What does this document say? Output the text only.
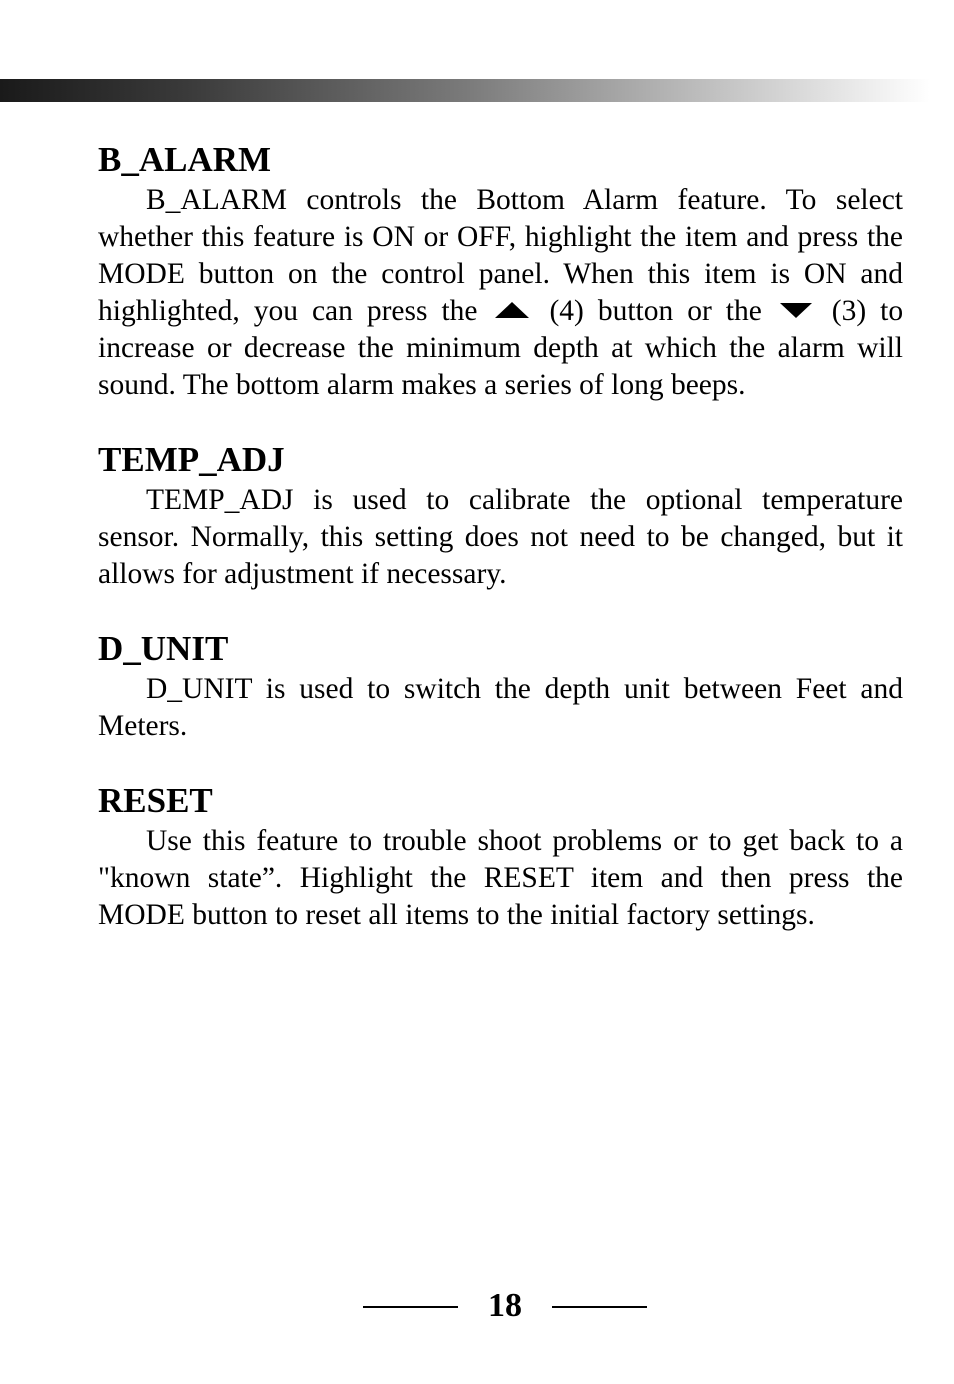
B_ALARM

B_ALARM controls the Bottom Alarm feature. To select whether this feature is ON or OFF, highlight the item and press the MODE button on the control panel. When this item is ON and highlighted, you can press the (4) button or the (3) to increase or decrease the minimum depth at which the alarm will sound. The bottom alarm makes a series of long beeps.

TEMP_ADJ

TEMP_ADJ is used to calibrate the optional temperature sensor. Normally, this setting does not need to be changed, but it allows for adjustment if necessary.

D_UNIT

D_UNIT is used to switch the depth unit between Feet and Meters.

RESET

Use this feature to trouble shoot problems or to get back to a "known state”. Highlight the RESET item and then press the MODE button to reset all items to the initial factory settings.

18
